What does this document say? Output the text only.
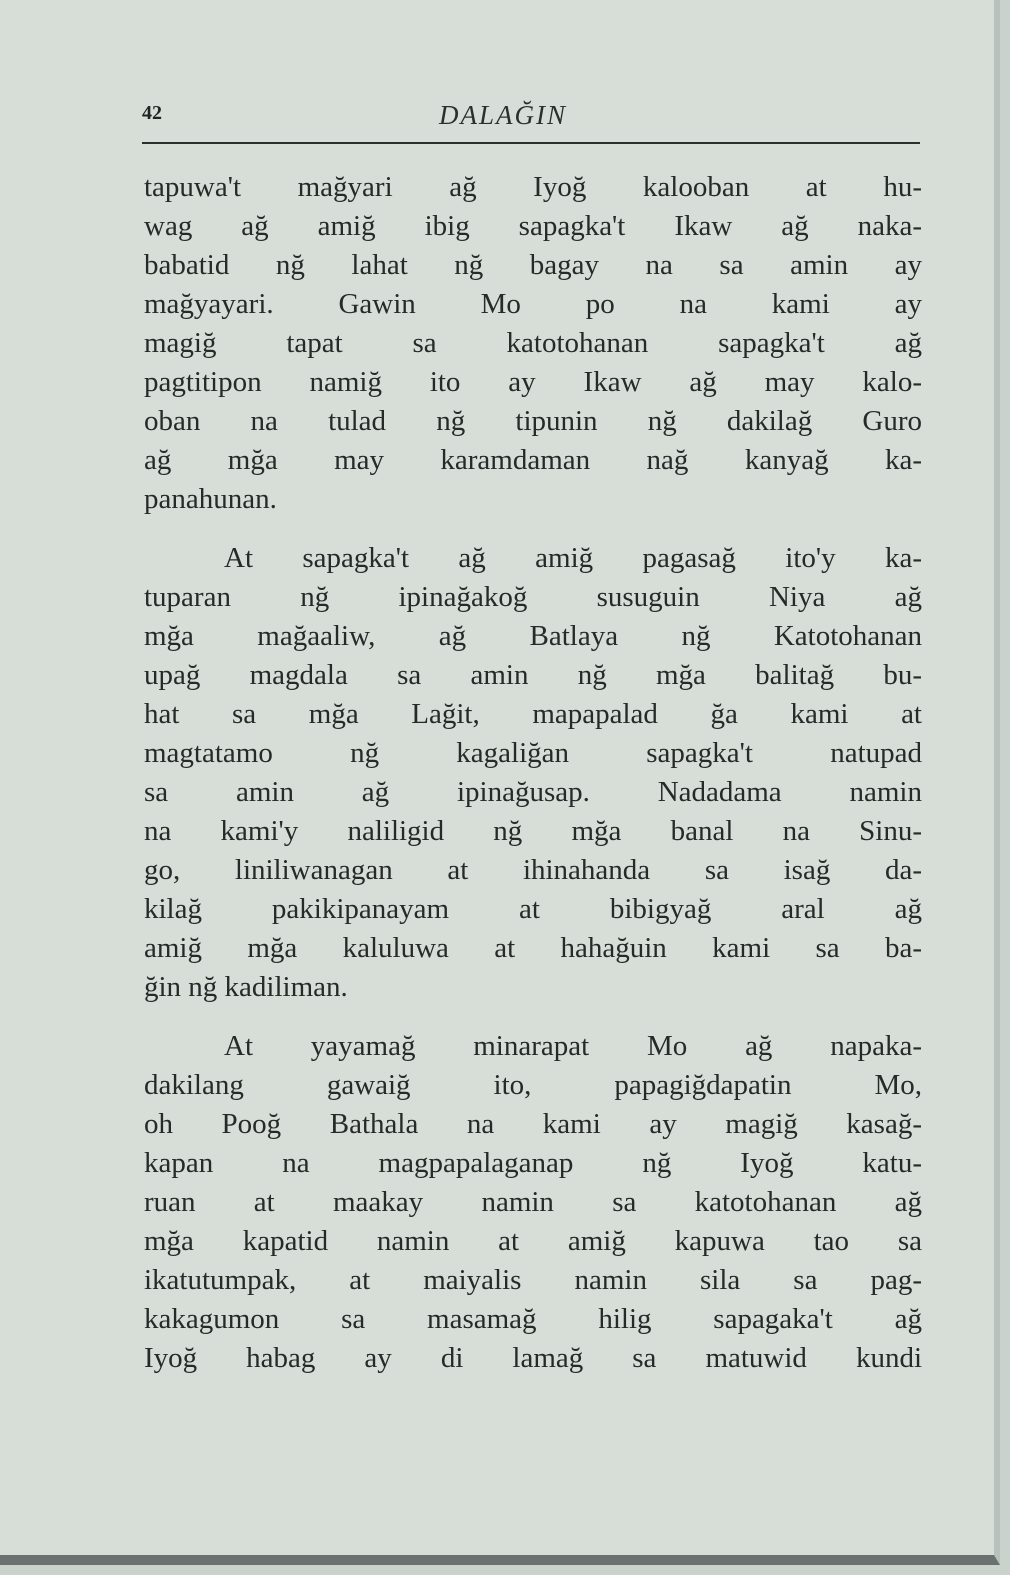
42	DALAĞIN
tapuwa't mağyari ağ Iyoğ kalooban at hu-
wag ağ amiğ ibig sapagka't Ikaw ağ naka-
babatid nğ lahat nğ bagay na sa amin ay
mağyayari. Gawin Mo po na kami ay
magiğ tapat sa katotohanan sapagka't ağ
pagtitipon namiğ ito ay Ikaw ağ may kalo-
oban na tulad nğ tipunin nğ dakilağ Guro
ağ mğa may karamdaman nağ kanyağ ka-
panahunan.
At sapagka't ağ amiğ pagasağ ito'y ka-
tuparan nğ ipinağakoğ susuguin Niya ağ
mğa mağaaliw, ağ Batlaya nğ Katotohanan
upağ magdala sa amin nğ mğa balitağ bu-
hat sa mğa Lağit, mapapalad ğa kami at
magtatamo nğ kagaliğan sapagka't natupad
sa amin ağ ipinağusap. Nadadama namin
na kami'y naliligid nğ mğa banal na Sinu-
go, liniliwanagan at ihinahanda sa isağ da-
kilağ pakikipanayam at bibigyağ aral ağ
amiğ mğa kaluluwa at hahağuin kami sa ba-
ğin nğ kadiliman.
At yayamağ minarapat Mo ağ napaka-
dakilang gawaiğ ito, papagiğdapatin Mo,
oh Pooğ Bathala na kami ay magiğ kasağ-
kapan na magpapalaganap nğ Iyoğ katu-
ruan at maakay namin sa katotohanan ağ
mğa kapatid namin at amiğ kapuwa tao sa
ikatutumpak, at maiyalis namin sila sa pag-
kakagumon sa masamağ hilig sapagaka't ağ
Iyoğ habag ay di lamağ sa matuwid kundi
